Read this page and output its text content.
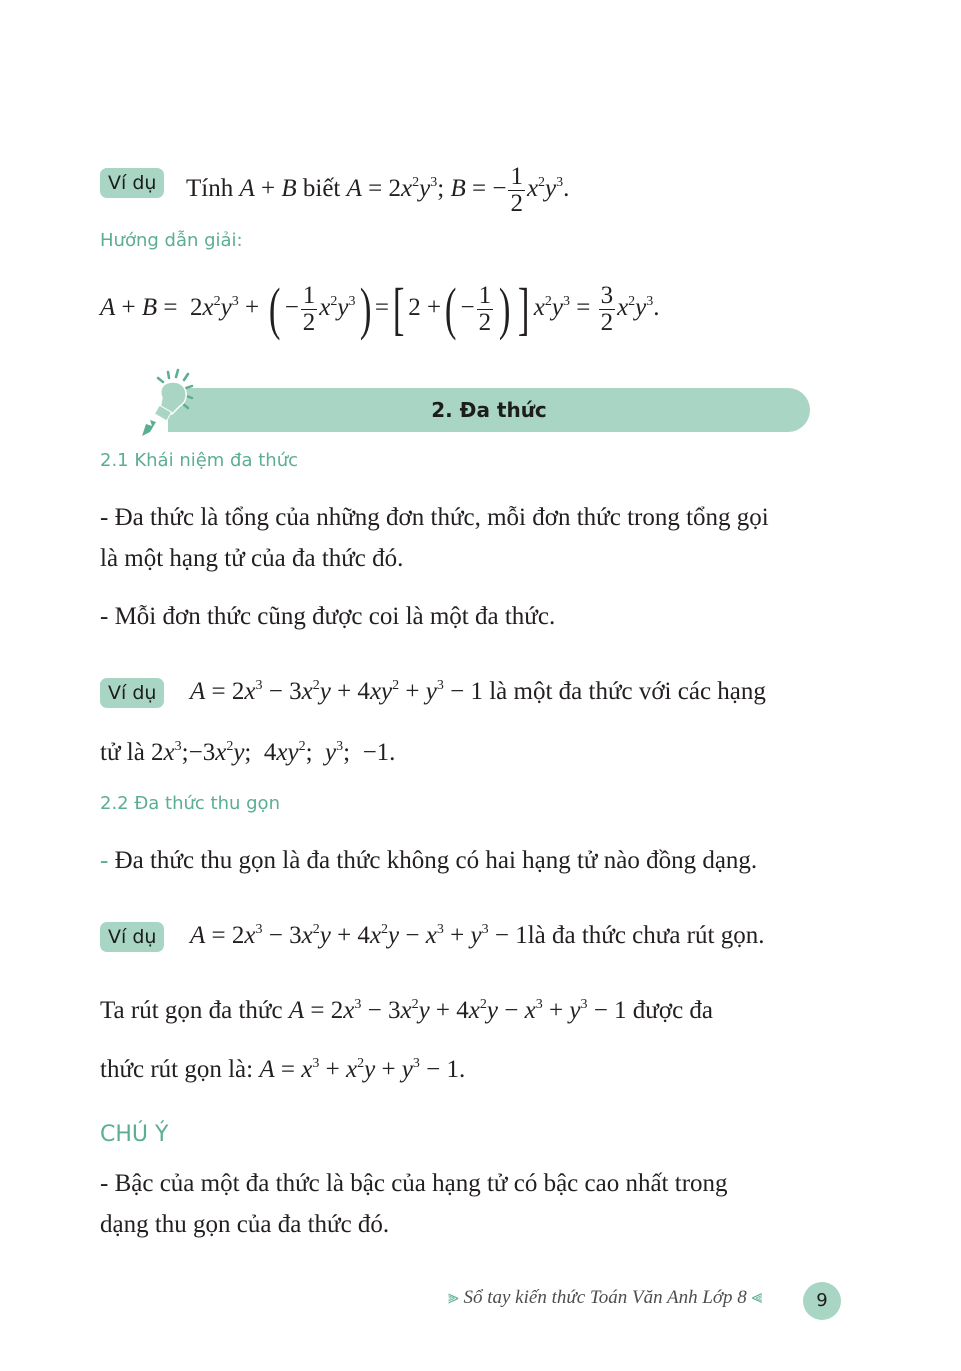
Ví dụ	Tính A + B biết $A = 2x^2y^3$; B = − $\frac{1}{2} x^2y^3$.
Hướng dẫn giải:
$A + B = 2x^2y^3$ + ( − $\frac{1}{2} x^2y^3$) =[ 2 +( − $\frac{1}{2}$ ) ] $x^2y^3 = \frac{3}{2} x^2y^3$.
2. Đa thức
2.1 Khái niệm đa thức
- Đa thức là tổng của những đơn thức, mỗi đơn thức trong tổng gọi
là một hạng tử của đa thức đó.
- Mỗi đơn thức cũng được coi là một đa thức.
Ví dụ	$A = 2x^3 - 3x^2y + 4xy^2 + y^3 - 1$ là một đa thức với các hạng
tử là $2x^3;-3x^2y$;  $4xy^2$;  $y^3$;  −1.
2.2 Đa thức thu gọn
- Đa thức thu gọn là đa thức không có hai hạng tử nào đồng dạng.
Ví dụ	$A = 2x^3 - 3x^2y + 4x^2y - x^3 + y^3$ − 1là đa thức chưa rút gọn.
Ta rút gọn đa thức $A = 2x^3 - 3x^2y + 4x^2y - x^3 + y^3 - 1$ được đa
thức rút gọn là: $A = x^3 + x^2y + y^3 - 1$.
CHÚ Ý
- Bậc của một đa thức là bậc của hạng tử có bậc cao nhất trong
dạng thu gọn của đa thức đó.
⫸ Sổ tay kiến thức Toán Văn Anh Lớp 8 ⫷	9
